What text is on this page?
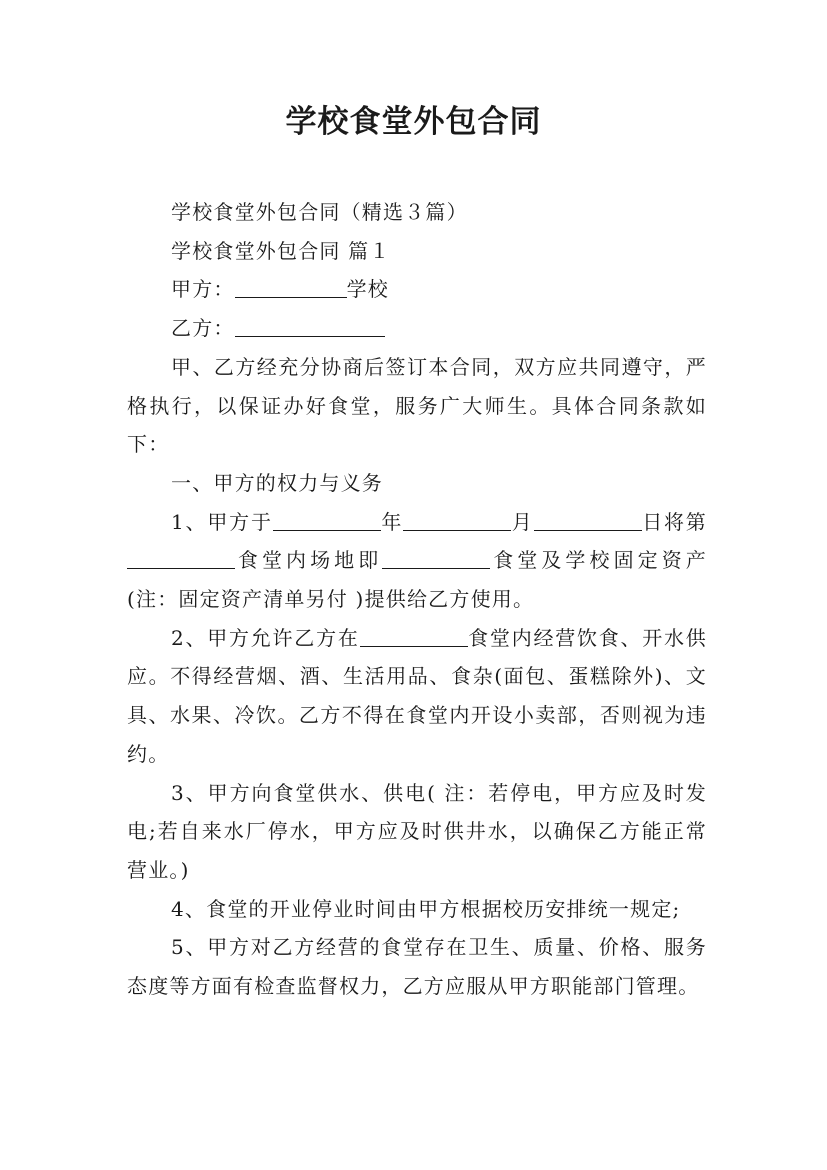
学校食堂外包合同

学校食堂外包合同（精选３篇）

学校食堂外包合同 篇１

甲方：	学校

乙方：

甲、乙方经充分协商后签订本合同，双方应共同遵守，严格执行，以保证办好食堂，服务广大师生。具体合同条款如下：

一、甲方的权力与义务

1、甲方于	年	月	日将第食堂内场地即	食堂及学校固定资产(注：固定资产清单另付 )提供给乙方使用。

2、甲方允许乙方在	食堂内经营饮食、开水供应。不得经营烟、酒、生活用品、食杂(面包、蛋糕除外)、文具、水果、冷饮。乙方不得在食堂内开设小卖部，否则视为违约。

3、甲方向食堂供水、供电( 注：若停电，甲方应及时发电;若自来水厂停水，甲方应及时供井水，以确保乙方能正常营业。)

4、食堂的开业停业时间由甲方根据校历安排统一规定;

5、甲方对乙方经营的食堂存在卫生、质量、价格、服务态度等方面有检查监督权力，乙方应服从甲方职能部门管理。
